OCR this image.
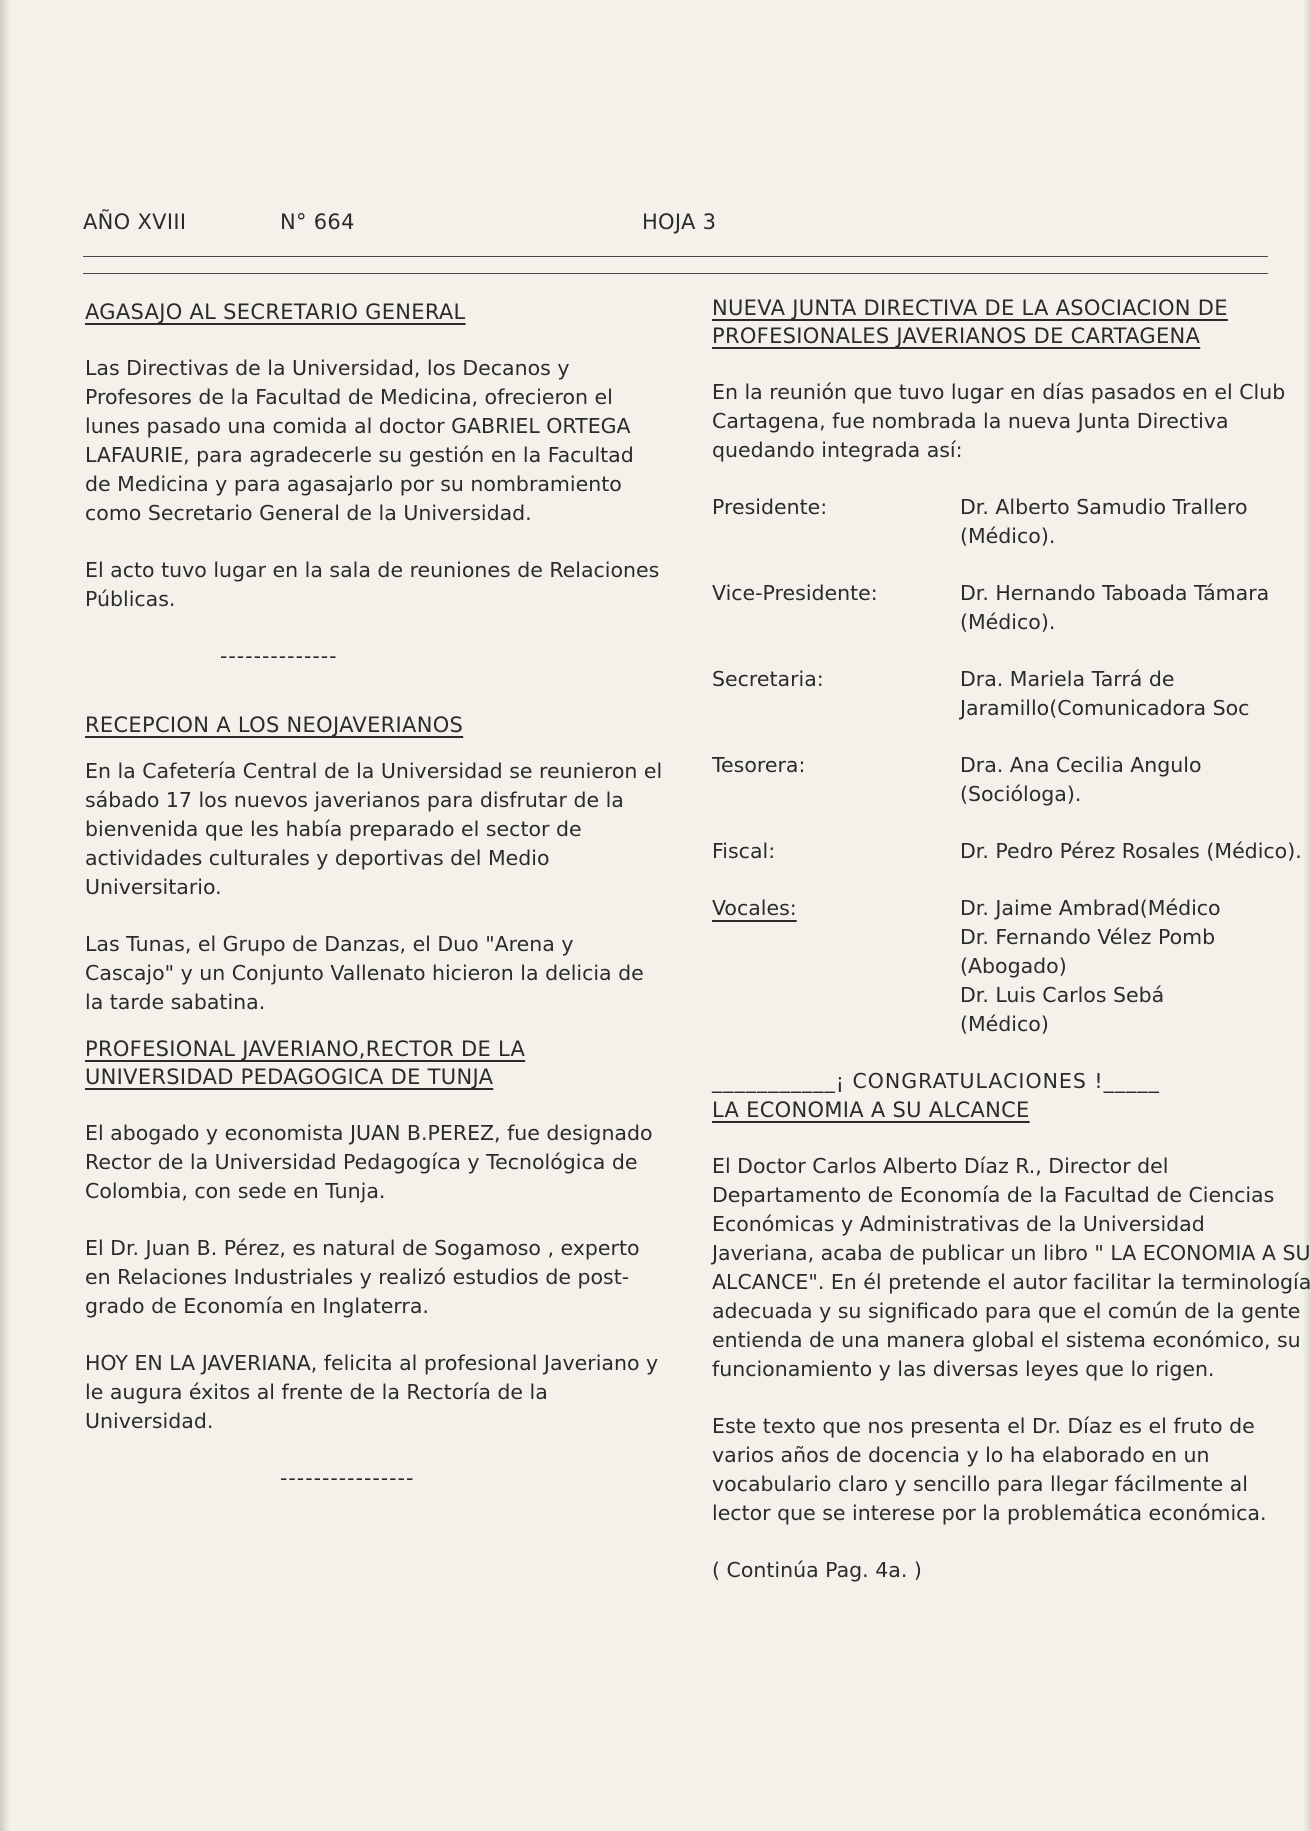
AÑO XVIII	N° 664	HOJA 3
AGASAJO AL SECRETARIO GENERAL

Las Directivas de la Universidad, los Decanos y Profesores de la Facultad de Medicina, ofrecieron el lunes pasado una comida al doctor GABRIEL ORTEGA LAFAURIE, para agradecerle su gestión en la Facultad de Medicina y para agasajarlo por su nombramiento como Secretario General de la Universidad.

El acto tuvo lugar en la sala de reuniones de Relaciones Públicas.

--------------
RECEPCION A LOS NEOJAVERIANOS

En la Cafetería Central de la Universidad se reunieron el sábado 17 los nuevos javerianos para disfrutar de la bienvenida que les había preparado el sector de actividades culturales y deportivas del Medio Universitario.

Las Tunas, el Grupo de Danzas, el Duo "Arena y Cascajo" y un Conjunto Vallenato hicieron la delicia de la tarde sabatina.

PROFESIONAL JAVERIANO,RECTOR DE LA UNIVERSIDAD PEDAGOGICA DE TUNJA

El abogado y economista JUAN B.PEREZ, fue designado Rector de la Universidad Pedagogíca y Tecnológica de Colombia, con sede en Tunja.

El Dr. Juan B. Pérez, es natural de Sogamoso , experto en Relaciones Industriales y realizó estudios de post-grado de Economía en Inglaterra.

HOY EN LA JAVERIANA, felicita al profesional Javeriano y le augura éxitos al frente de la Rectoría de la Universidad.

----------------
NUEVA JUNTA DIRECTIVA DE LA ASOCIACION DE PROFESIONALES JAVERIANOS DE CARTAGENA

En la reunión que tuvo lugar en días pasados en el Club Cartagena, fue nombrada la nueva Junta Directiva quedando integrada así:

Presidente:	Dr. Alberto Samudio Trallero (Médico).
Vice-Presidente:	Dr. Hernando Taboada Támara (Médico).
Secretaria:	Dra. Mariela Tarrá de Jaramillo(Comunicadora Soc
Tesorera:	Dra. Ana Cecilia Angulo (Socióloga).
Fiscal:	Dr. Pedro Pérez Rosales (Médico).
Vocales:	Dr. Jaime Ambrad(Médico
Dr. Fernando Vélez Pomb
(Abogado)
Dr. Luis Carlos Sebá
(Médico)
___________¡ CONGRATULACIONES !_____
LA ECONOMIA A SU ALCANCE

El Doctor Carlos Alberto Díaz R., Director del Departamento de Economía de la Facultad de Ciencias Económicas y Administrativas de la Universidad Javeriana, acaba de publicar un libro " LA ECONOMIA A SU ALCANCE". En él pretende el autor facilitar la terminología adecuada y su significado para que el común de la gente entienda de una manera global el sistema económico, su funcionamiento y las diversas leyes que lo rigen.

Este texto que nos presenta el Dr. Díaz es el fruto de varios años de docencia y lo ha elaborado en un vocabulario claro y sencillo para llegar fácilmente al lector que se interese por la problemática económica.

( Continúa Pag. 4a. )
